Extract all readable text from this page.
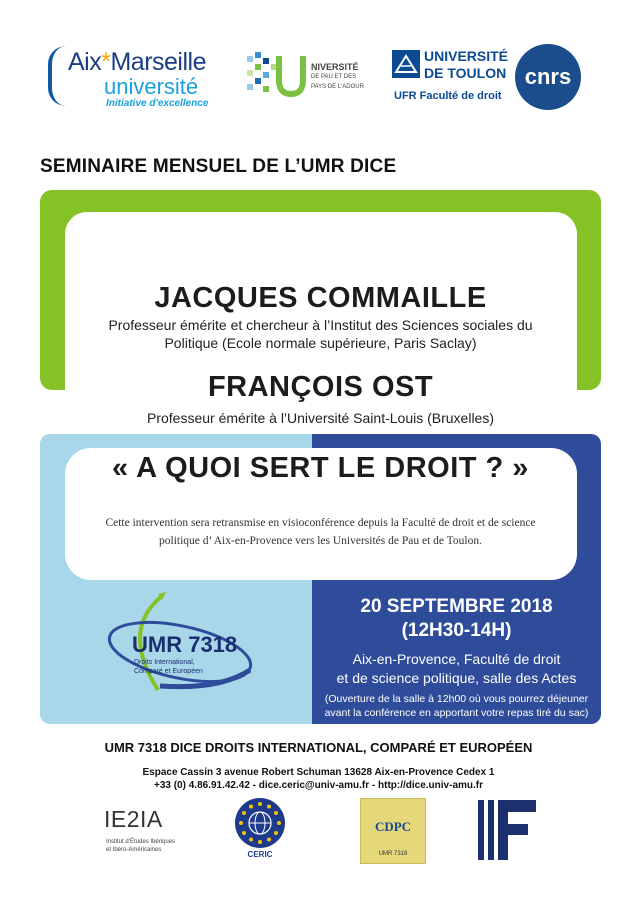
Aix*Marseille
université
Initiative d'excellence
NIVERSITÉ
DE PAU ET DES
PAYS DE L'ADOUR
UNIVERSITÉ
DE TOULON
UFR Faculté de droit
cnrs
SEMINAIRE MENSUEL DE L’UMR DICE
JACQUES COMMAILLE
Professeur émérite et chercheur à l’Institut des Sciences sociales du
Politique (Ecole normale supérieure, Paris Saclay)
FRANÇOIS OST
Professeur émérite à l’Université Saint-Louis (Bruxelles)
« A QUOI SERT LE DROIT ? »
Cette intervention sera retransmise en visioconférence depuis la Faculté de droit et de science
politique d’ Aix-en-Provence vers les Universités de Pau et de Toulon.
UMR 7318
Droits International,
Comparé et Européen
20 SEPTEMBRE 2018
(12H30-14H)
Aix-en-Provence, Faculté de droit
et de science politique, salle des Actes
(Ouverture de la salle à 12h00 où vous pourrez déjeuner
avant la conférence en apportant votre repas tiré du sac)
UMR 7318 DICE DROITS INTERNATIONAL, COMPARÉ ET EUROPÉEN
Espace Cassin 3 avenue Robert Schuman 13628 Aix-en-Provence Cedex 1
+33 (0) 4.86.91.42.42 - dice.ceric@univ-amu.fr - http://dice.univ-amu.fr
IE2IA
Institut d’Études Ibériques
et Ibéro-Américaines	CERIC
CDPC
UMR 7318
